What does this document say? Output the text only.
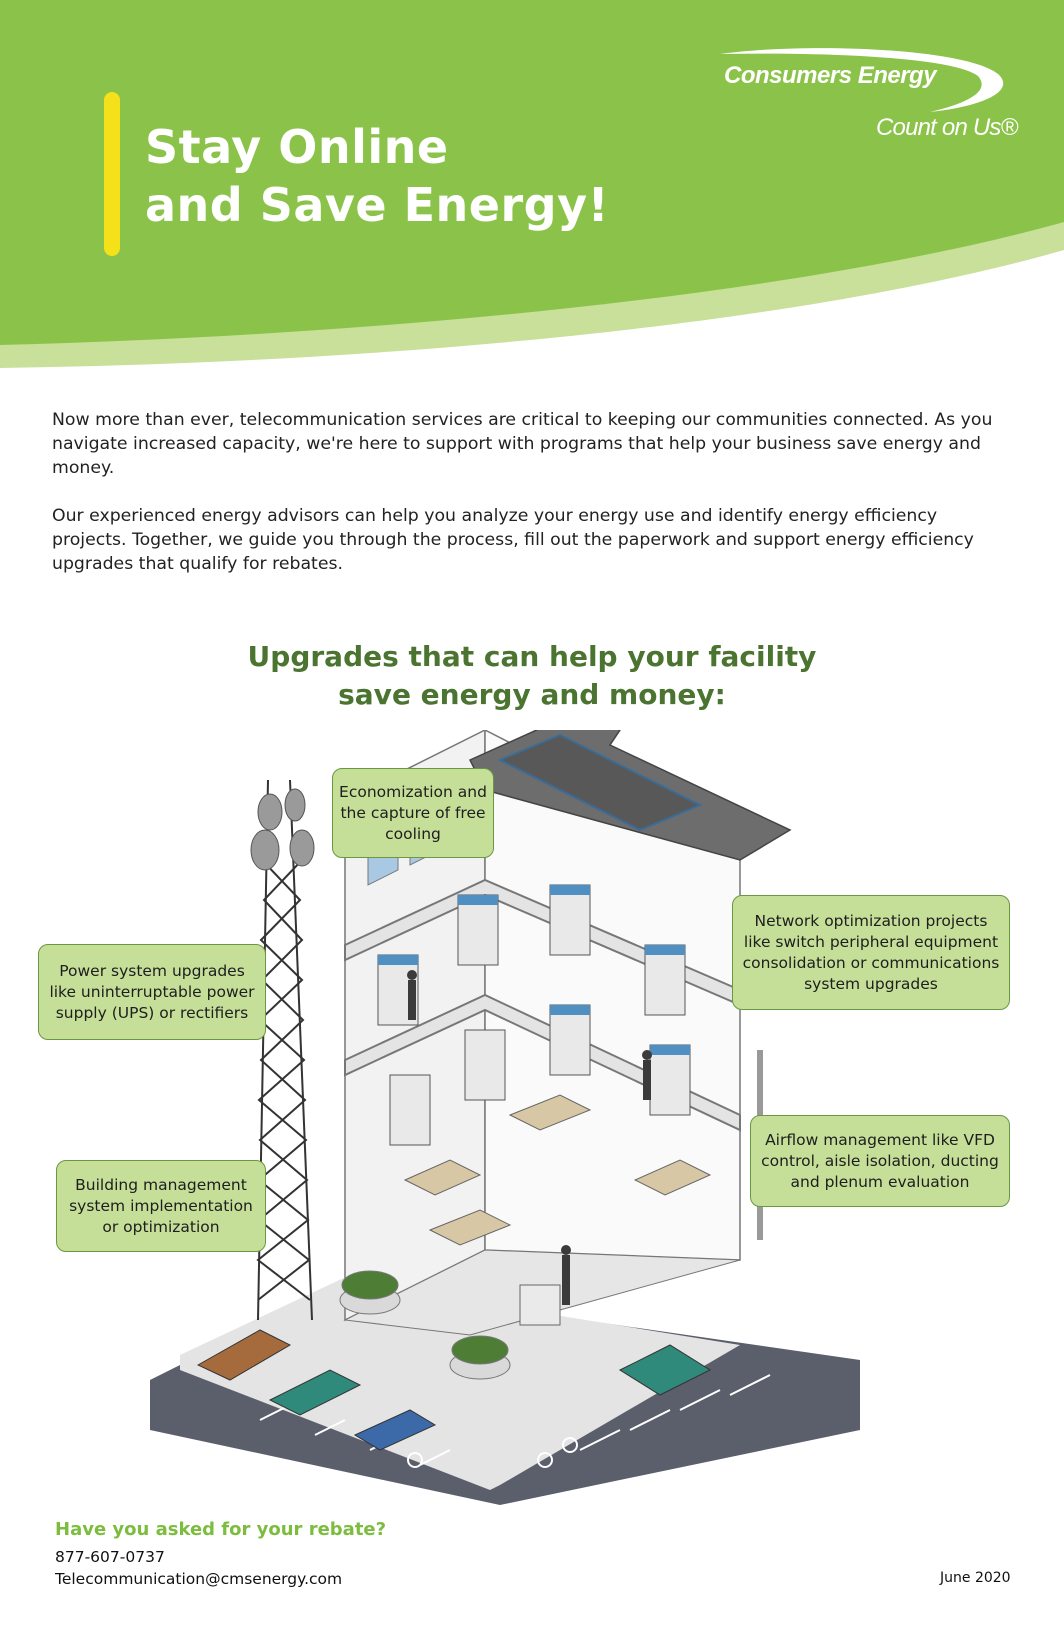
Stay Online
and Save Energy!
Consumers Energy
Count on Us®

Now more than ever, telecommunication services are critical to keeping our communities connected. As you navigate increased capacity, we're here to support with programs that help your business save energy and money.

Our experienced energy advisors can help you analyze your energy use and identify energy efficiency projects. Together, we guide you through the process, fill out the paperwork and support energy efficiency upgrades that qualify for rebates.

Upgrades that can help your facility
save energy and money:
Economization and the capture of free cooling
Power system upgrades like uninterruptable power supply (UPS) or rectifiers
Network optimization projects like switch peripheral equipment consolidation or communications system upgrades
Airflow management like VFD control, aisle isolation, ducting and plenum evaluation
Building management system implementation or optimization
Have you asked for your rebate?
877-607-0737
Telecommunication@cmsenergy.com	June 2020
